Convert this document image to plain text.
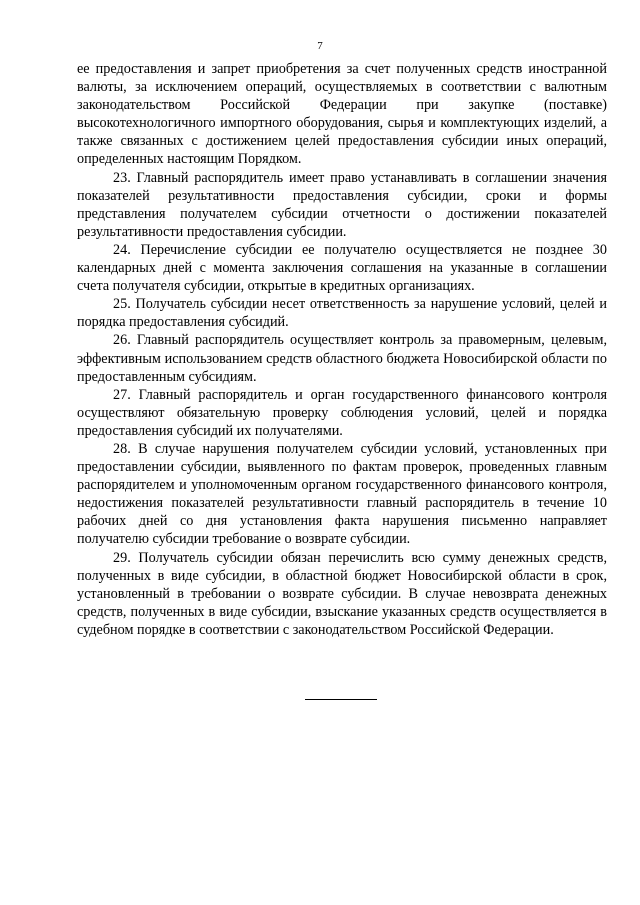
7

ее предоставления и запрет приобретения за счет полученных средств иностранной валюты, за исключением операций, осуществляемых в соответствии с валютным законодательством Российской Федерации при закупке (поставке) высокотехнологичного импортного оборудования, сырья и комплектующих изделий, а также связанных с достижением целей предоставления субсидии иных операций, определенных настоящим Порядком.

23. Главный распорядитель имеет право устанавливать в соглашении значения показателей результативности предоставления субсидии, сроки и формы представления получателем субсидии отчетности о достижении показателей результативности предоставления субсидии.

24. Перечисление субсидии ее получателю осуществляется не позднее 30 календарных дней с момента заключения соглашения на указанные в соглашении счета получателя субсидии, открытые в кредитных организациях.

25. Получатель субсидии несет ответственность за нарушение условий, целей и порядка предоставления субсидий.

26. Главный распорядитель осуществляет контроль за правомерным, целевым, эффективным использованием средств областного бюджета Новосибирской области по предоставленным субсидиям.

27. Главный распорядитель и орган государственного финансового контроля осуществляют обязательную проверку соблюдения условий, целей и порядка предоставления субсидий их получателями.

28. В случае нарушения получателем субсидии условий, установленных при предоставлении субсидии, выявленного по фактам проверок, проведенных главным распорядителем и уполномоченным органом государственного финансового контроля, недостижения показателей результативности главный распорядитель в течение 10 рабочих дней со дня установления факта нарушения письменно направляет получателю субсидии требование о возврате субсидии.

29. Получатель субсидии обязан перечислить всю сумму денежных средств, полученных в виде субсидии, в областной бюджет Новосибирской области в срок, установленный в требовании о возврате субсидии. В случае невозврата денежных средств, полученных в виде субсидии, взыскание указанных средств осуществляется в судебном порядке в соответствии с законодательством Российской Федерации.
